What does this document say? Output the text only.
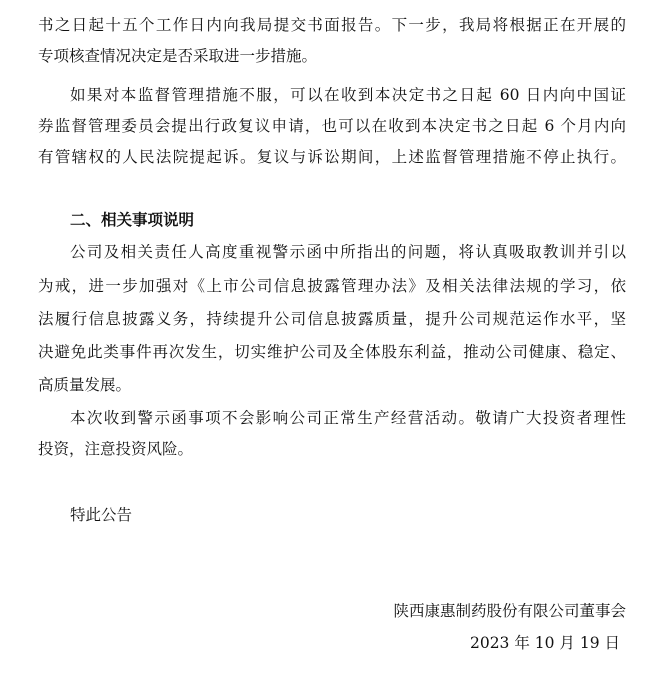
书之日起十五个工作日内向我局提交书面报告。下一步，我局将根据正在开展的
专项核查情况决定是否采取进一步措施。
如果对本监督管理措施不服，可以在收到本决定书之日起 60 日内向中国证
券监督管理委员会提出行政复议申请，也可以在收到本决定书之日起 6 个月内向
有管辖权的人民法院提起诉。复议与诉讼期间，上述监督管理措施不停止执行。
二、相关事项说明
公司及相关责任人高度重视警示函中所指出的问题，将认真吸取教训并引以
为戒，进一步加强对《上市公司信息披露管理办法》及相关法律法规的学习，依
法履行信息披露义务，持续提升公司信息披露质量，提升公司规范运作水平，坚
决避免此类事件再次发生，切实维护公司及全体股东利益，推动公司健康、稳定、
高质量发展。
本次收到警示函事项不会影响公司正常生产经营活动。敬请广大投资者理性
投资，注意投资风险。
特此公告
陕西康惠制药股份有限公司董事会
2023 年 10 月 19 日
